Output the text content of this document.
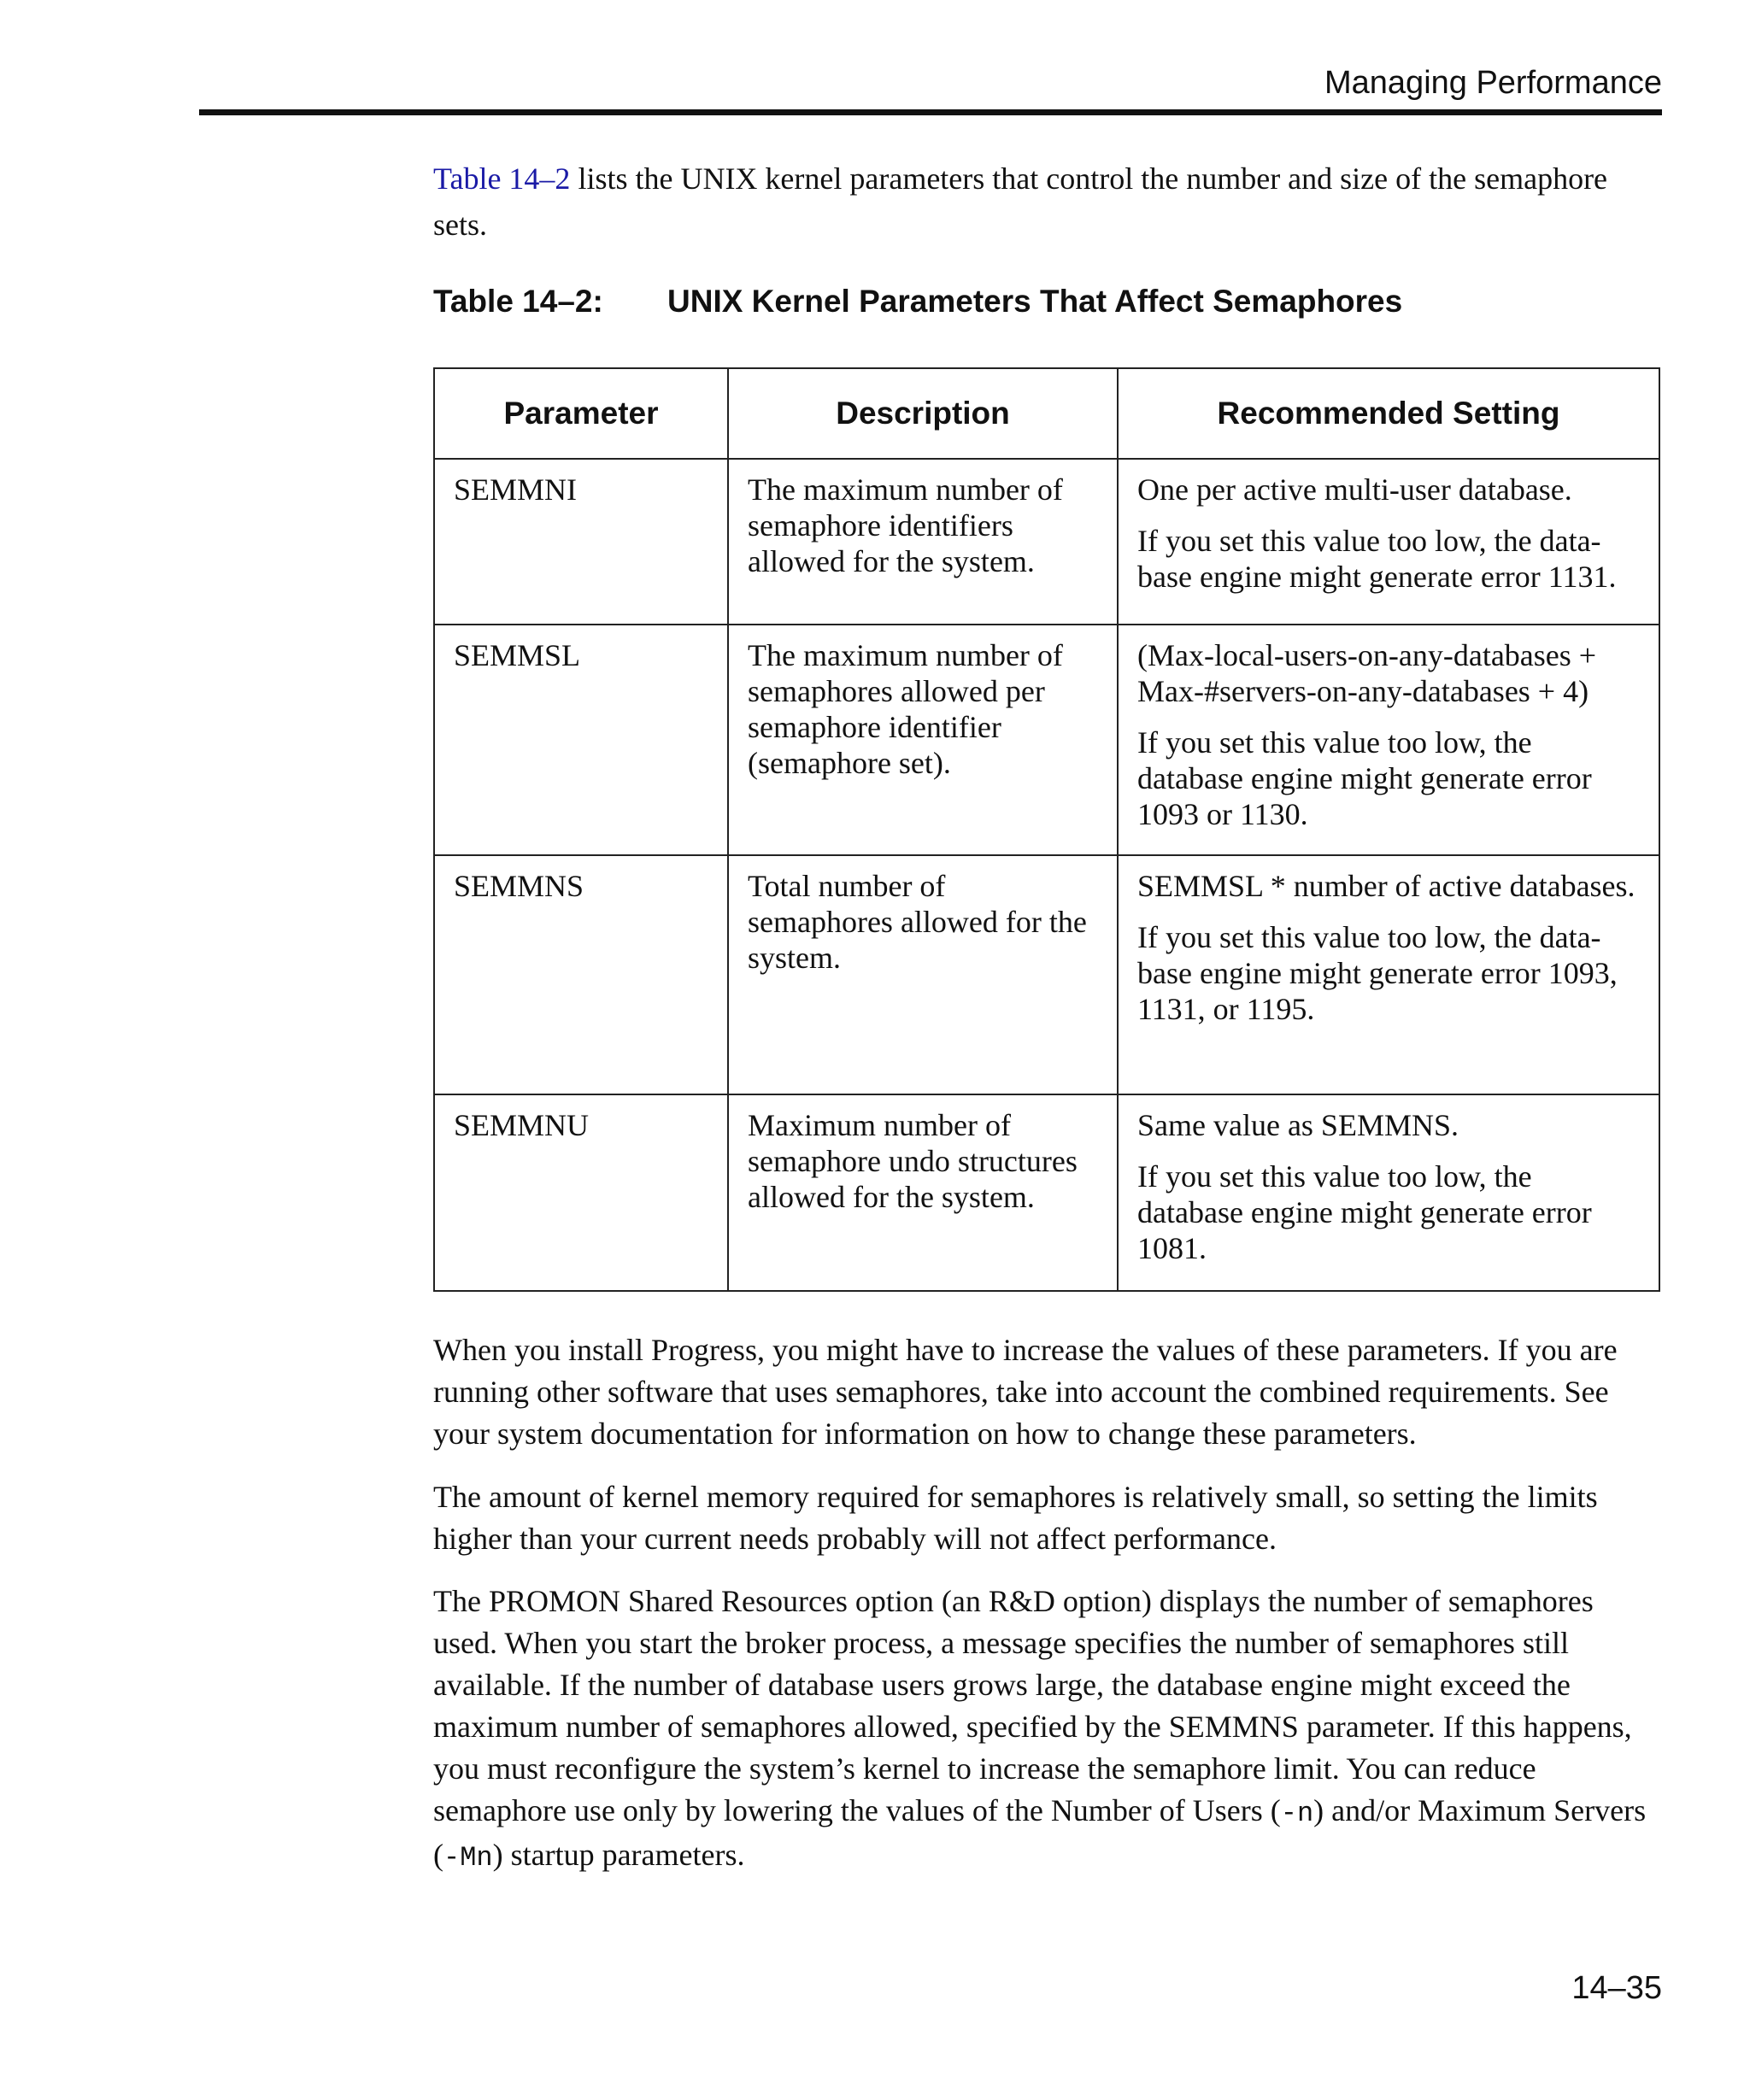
Managing Performance

Table 14–2 lists the UNIX kernel parameters that control the number and size of the semaphore sets.

Table 14–2: UNIX Kernel Parameters That Affect Semaphores
Parameter	Description	Recommended Setting
SEMMNI	The maximum number of semaphore identifiers allowed for the system.	One per active multi-user database.

If you set this value too low, the data-base engine might generate error 1131.

SEMMSL	The maximum number of semaphores allowed per semaphore identifier (semaphore set).	(Max-local-users-on-any-databases + Max-#servers-on-any-databases + 4)

If you set this value too low, the database engine might generate error 1093 or 1130.

SEMMNS	Total number of semaphores allowed for the system.	SEMMSL * number of active databases.

If you set this value too low, the data-base engine might generate error 1093, 1131, or 1195.

SEMMNU	Maximum number of semaphore undo structures allowed for the system.	Same value as SEMMNS.

If you set this value too low, the database engine might generate error 1081.

When you install Progress, you might have to increase the values of these parameters. If you are running other software that uses semaphores, take into account the combined requirements. See your system documentation for information on how to change these parameters.

The amount of kernel memory required for semaphores is relatively small, so setting the limits higher than your current needs probably will not affect performance.

The PROMON Shared Resources option (an R&D option) displays the number of semaphores used. When you start the broker process, a message specifies the number of semaphores still available. If the number of database users grows large, the database engine might exceed the maximum number of semaphores allowed, specified by the SEMMNS parameter. If this happens, you must reconfigure the system’s kernel to increase the semaphore limit. You can reduce semaphore use only by lowering the values of the Number of Users (-n) and/or Maximum Servers (-Mn) startup parameters.

14–35
